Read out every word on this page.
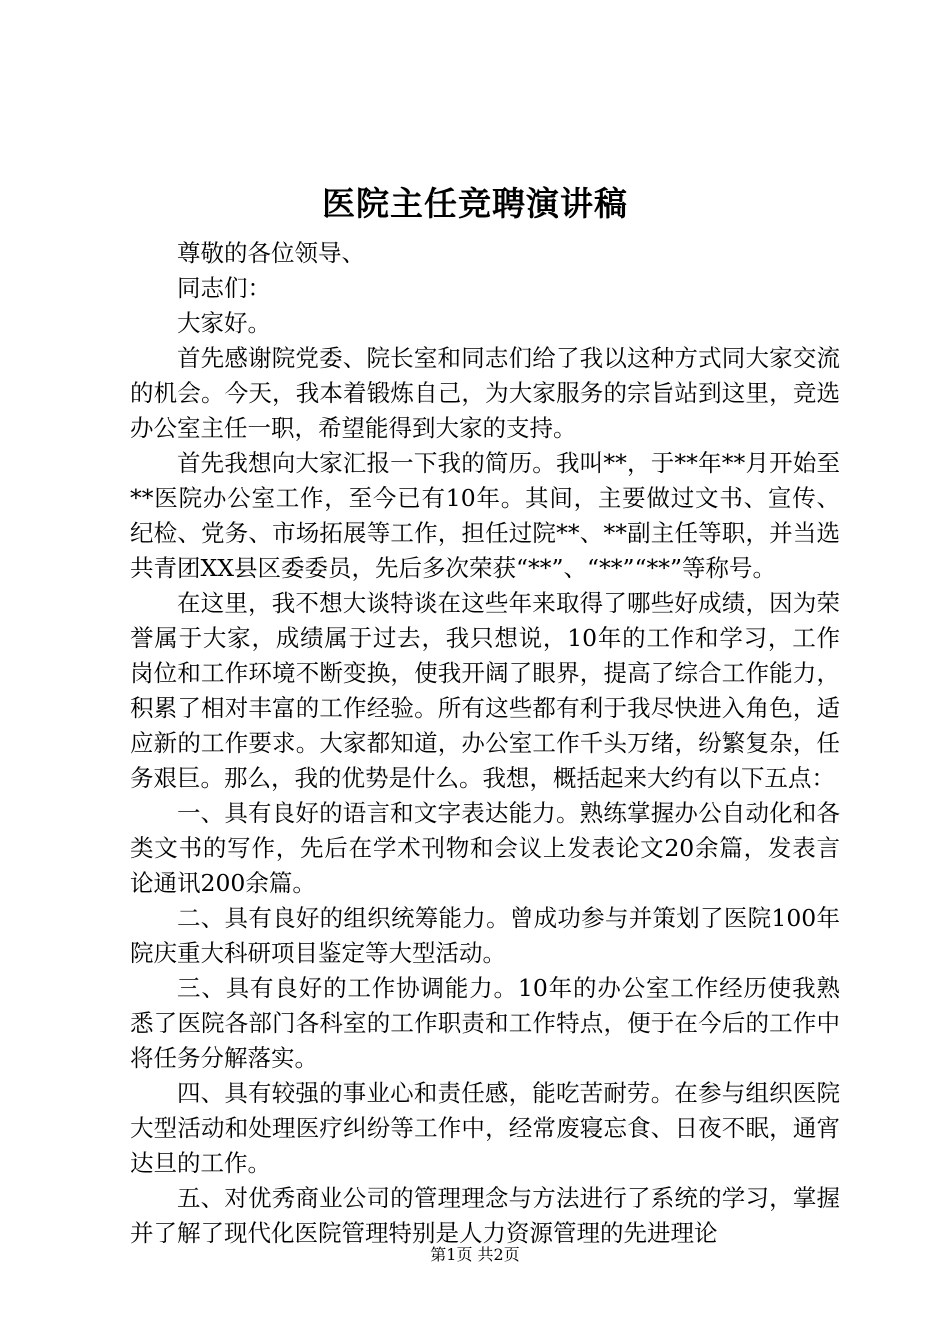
医院主任竞聘演讲稿

尊敬的各位领导、

同志们：

大家好。

首先感谢院党委、院长室和同志们给了我以这种方式同大家交流的机会。今天，我本着锻炼自己，为大家服务的宗旨站到这里，竞选办公室主任一职，希望能得到大家的支持。

首先我想向大家汇报一下我的简历。我叫**，于**年**月开始至**医院办公室工作，至今已有10年。其间，主要做过文书、宣传、纪检、党务、市场拓展等工作，担任过院**、**副主任等职，并当选共青团XX县区委委员，先后多次荣获“**”、“**”“**”等称号。

在这里，我不想大谈特谈在这些年来取得了哪些好成绩，因为荣誉属于大家，成绩属于过去，我只想说，10年的工作和学习，工作岗位和工作环境不断变换，使我开阔了眼界，提高了综合工作能力，积累了相对丰富的工作经验。所有这些都有利于我尽快进入角色，适应新的工作要求。大家都知道，办公室工作千头万绪，纷繁复杂，任务艰巨。那么，我的优势是什么。我想，概括起来大约有以下五点：

一、具有良好的语言和文字表达能力。熟练掌握办公自动化和各类文书的写作，先后在学术刊物和会议上发表论文20余篇，发表言论通讯200余篇。

二、具有良好的组织统筹能力。曾成功参与并策划了医院100年院庆重大科研项目鉴定等大型活动。

三、具有良好的工作协调能力。10年的办公室工作经历使我熟悉了医院各部门各科室的工作职责和工作特点，便于在今后的工作中将任务分解落实。

四、具有较强的事业心和责任感，能吃苦耐劳。在参与组织医院大型活动和处理医疗纠纷等工作中，经常废寝忘食、日夜不眠，通宵达旦的工作。

五、对优秀商业公司的管理理念与方法进行了系统的学习，掌握并了解了现代化医院管理特别是人力资源管理的先进理论

第1页 共2页
